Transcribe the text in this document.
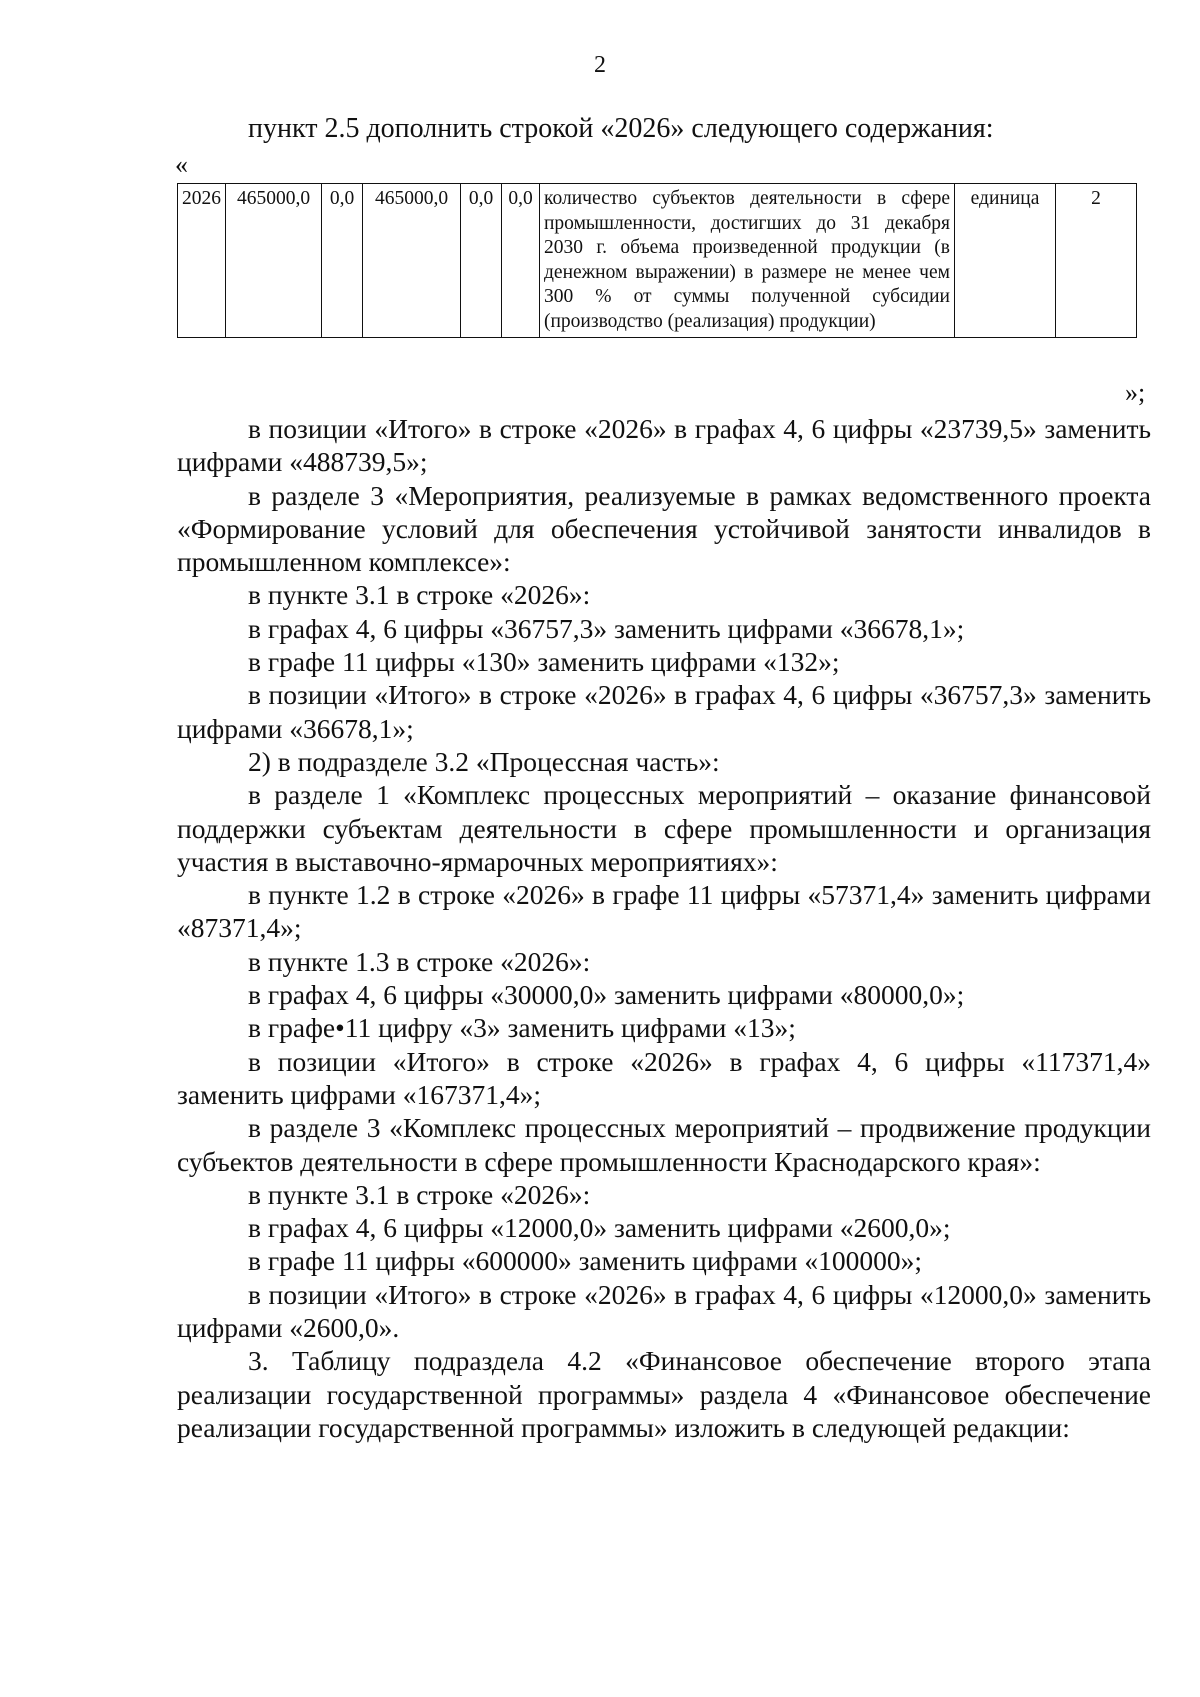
2
пункт 2.5 дополнить строкой «2026» следующего содержания:
«
2026	465000,0	0,0	465000,0	0,0	0,0	количество субъектов деятельности в сфере промышленности, достигших до 31 декабря 2030 г. объема произведенной продукции (в денежном выражении) в размере не менее чем 300 % от суммы полученной субсидии (производство (реализация) продукции)	единица	2
»;

в позиции «Итого» в строке «2026» в графах 4, 6 цифры «23739,5» заменить цифрами «488739,5»;

в разделе 3 «Мероприятия, реализуемые в рамках ведомственного проекта «Формирование условий для обеспечения устойчивой занятости инвалидов в промышленном комплексе»:

в пункте 3.1 в строке «2026»:

в графах 4, 6 цифры «36757,3» заменить цифрами «36678,1»;

в графе 11 цифры «130» заменить цифрами «132»;

в позиции «Итого» в строке «2026» в графах 4, 6 цифры «36757,3» заменить цифрами «36678,1»;

2) в подразделе 3.2 «Процессная часть»:

в разделе 1 «Комплекс процессных мероприятий – оказание финансовой поддержки субъектам деятельности в сфере промышленности и организация участия в выставочно-ярмарочных мероприятиях»:

в пункте 1.2 в строке «2026» в графе 11 цифры «57371,4» заменить цифрами «87371,4»;

в пункте 1.3 в строке «2026»:

в графах 4, 6 цифры «30000,0» заменить цифрами «80000,0»;

в графе•11 цифру «3» заменить цифрами «13»;

в позиции «Итого» в строке «2026» в графах 4, 6 цифры «117371,4» заменить цифрами «167371,4»;

в разделе 3 «Комплекс процессных мероприятий – продвижение продукции субъектов деятельности в сфере промышленности Краснодарского края»:

в пункте 3.1 в строке «2026»:

в графах 4, 6 цифры «12000,0» заменить цифрами «2600,0»;

в графе 11 цифры «600000» заменить цифрами «100000»;

в позиции «Итого» в строке «2026» в графах 4, 6 цифры «12000,0» заменить цифрами «2600,0».

3. Таблицу подраздела 4.2 «Финансовое обеспечение второго этапа реализации государственной программы» раздела 4 «Финансовое обеспечение реализации государственной программы» изложить в следующей редакции:
